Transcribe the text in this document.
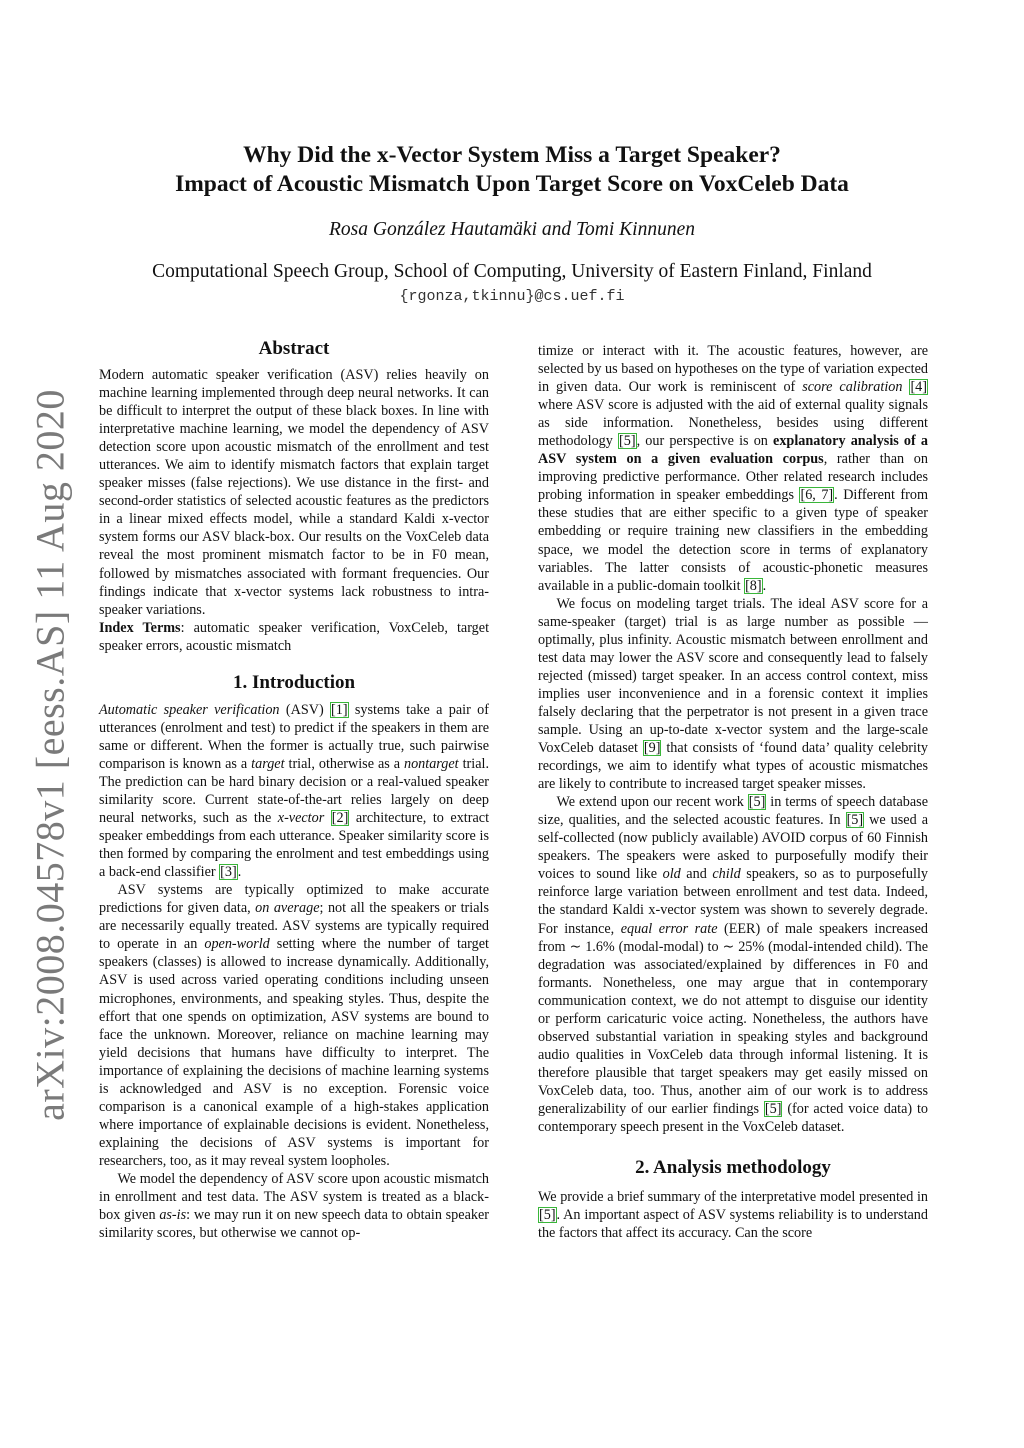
arXiv:2008.04578v1 [eess.AS] 11 Aug 2020
Why Did the x-Vector System Miss a Target Speaker?
Impact of Acoustic Mismatch Upon Target Score on VoxCeleb Data
Rosa González Hautamäki and Tomi Kinnunen
Computational Speech Group, School of Computing, University of Eastern Finland, Finland
{rgonza,tkinnu}@cs.uef.fi
Abstract

Modern automatic speaker verification (ASV) relies heavily on machine learning implemented through deep neural networks. It can be difficult to interpret the output of these black boxes. In line with interpretative machine learning, we model the dependency of ASV detection score upon acoustic mismatch of the enrollment and test utterances. We aim to identify mismatch factors that explain target speaker misses (false rejections). We use distance in the first- and second-order statistics of selected acoustic features as the predictors in a linear mixed effects model, while a standard Kaldi x-vector system forms our ASV black-box. Our results on the VoxCeleb data reveal the most prominent mismatch factor to be in F0 mean, followed by mismatches associated with formant frequencies. Our findings indicate that x-vector systems lack robustness to intra-speaker variations.

Index Terms: automatic speaker verification, VoxCeleb, target speaker errors, acoustic mismatch

1. Introduction

Automatic speaker verification (ASV) [1] systems take a pair of utterances (enrolment and test) to predict if the speakers in them are same or different. When the former is actually true, such pairwise comparison is known as a target trial, otherwise as a nontarget trial. The prediction can be hard binary decision or a real-valued speaker similarity score. Current state-of-the-art relies largely on deep neural networks, such as the x-vector [2] architecture, to extract speaker embeddings from each utterance. Speaker similarity score is then formed by comparing the enrolment and test embeddings using a back-end classifier [3].

ASV systems are typically optimized to make accurate predictions for given data, on average; not all the speakers or trials are necessarily equally treated. ASV systems are typically required to operate in an open-world setting where the number of target speakers (classes) is allowed to increase dynamically. Additionally, ASV is used across varied operating conditions including unseen microphones, environments, and speaking styles. Thus, despite the effort that one spends on optimization, ASV systems are bound to face the unknown. Moreover, reliance on machine learning may yield decisions that humans have difficulty to interpret. The importance of explaining the decisions of machine learning systems is acknowledged and ASV is no exception. Forensic voice comparison is a canonical example of a high-stakes application where importance of explainable decisions is evident. Nonetheless, explaining the decisions of ASV systems is important for researchers, too, as it may reveal system loopholes.

We model the dependency of ASV score upon acoustic mismatch in enrollment and test data. The ASV system is treated as a black-box given as-is: we may run it on new speech data to obtain speaker similarity scores, but otherwise we cannot op-

timize or interact with it. The acoustic features, however, are selected by us based on hypotheses on the type of variation expected in given data. Our work is reminiscent of score calibration [4] where ASV score is adjusted with the aid of external quality signals as side information. Nonetheless, besides using different methodology [5], our perspective is on explanatory analysis of a ASV system on a given evaluation corpus, rather than on improving predictive performance. Other related research includes probing information in speaker embeddings [6, 7]. Different from these studies that are either specific to a given type of speaker embedding or require training new classifiers in the embedding space, we model the detection score in terms of explanatory variables. The latter consists of acoustic-phonetic measures available in a public-domain toolkit [8].

We focus on modeling target trials. The ideal ASV score for a same-speaker (target) trial is as large number as possible — optimally, plus infinity. Acoustic mismatch between enrollment and test data may lower the ASV score and consequently lead to falsely rejected (missed) target speaker. In an access control context, miss implies user inconvenience and in a forensic context it implies falsely declaring that the perpetrator is not present in a given trace sample. Using an up-to-date x-vector system and the large-scale VoxCeleb dataset [9] that consists of ‘found data’ quality celebrity recordings, we aim to identify what types of acoustic mismatches are likely to contribute to increased target speaker misses.

We extend upon our recent work [5] in terms of speech database size, qualities, and the selected acoustic features. In [5] we used a self-collected (now publicly available) AVOID corpus of 60 Finnish speakers. The speakers were asked to purposefully modify their voices to sound like old and child speakers, so as to purposefully reinforce large variation between enrollment and test data. Indeed, the standard Kaldi x-vector system was shown to severely degrade. For instance, equal error rate (EER) of male speakers increased from ∼ 1.6% (modal-modal) to ∼ 25% (modal-intended child). The degradation was associated/explained by differences in F0 and formants. Nonetheless, one may argue that in contemporary communication context, we do not attempt to disguise our identity or perform caricaturic voice acting. Nonetheless, the authors have observed substantial variation in speaking styles and background audio qualities in VoxCeleb data through informal listening. It is therefore plausible that target speakers may get easily missed on VoxCeleb data, too. Thus, another aim of our work is to address generalizability of our earlier findings [5] (for acted voice data) to contemporary speech present in the VoxCeleb dataset.

2. Analysis methodology

We provide a brief summary of the interpretative model presented in [5]. An important aspect of ASV systems reliability is to understand the factors that affect its accuracy. Can the score
